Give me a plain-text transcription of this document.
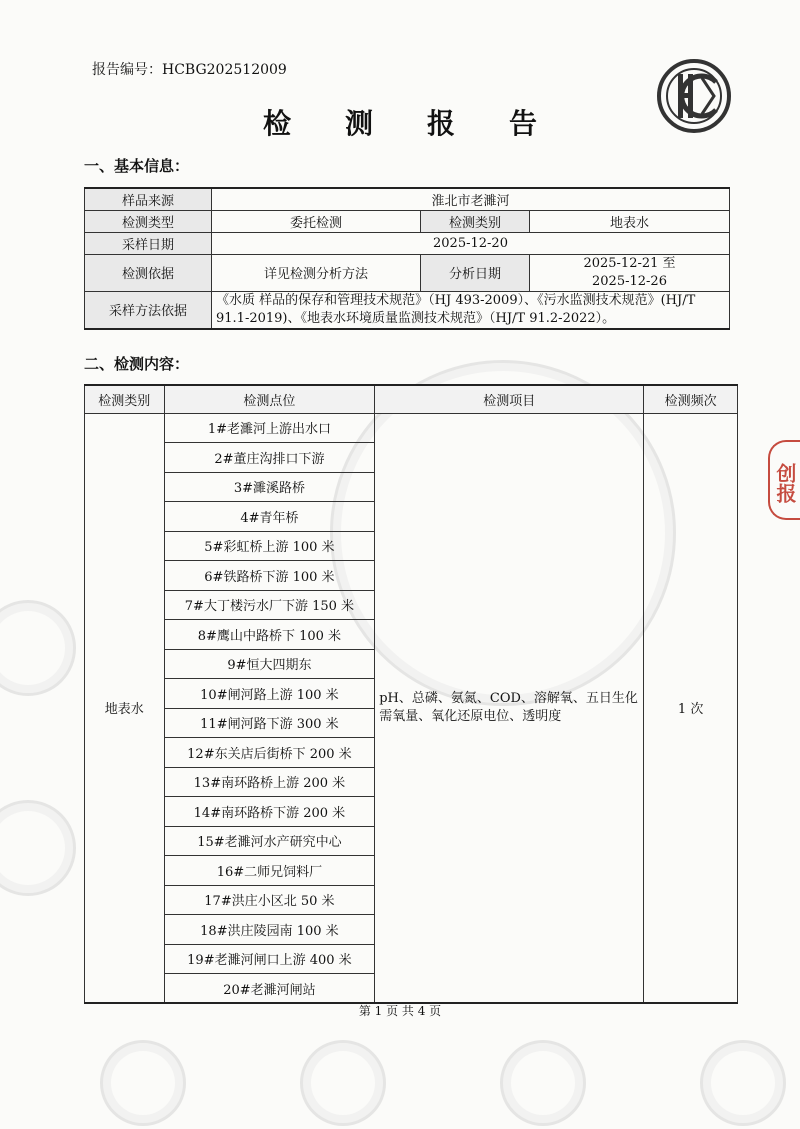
报告编号：HCBG202512009
检测报告
一、基本信息：
样品来源	淮北市老濉河		
检测类型	委托检测	检测类别	地表水
采样日期	2025-12-20		
检测依据	详见检测分析方法	分析日期	2025-12-21 至
2025-12-26

采样方法依据	《水质 样品的保存和管理技术规范》（HJ 493-2009）、《污水监测技术规范》(HJ/T 91.1-2019)、《地表水环境质量监测技术规范》（HJ/T 91.2-2022）。		
二、检测内容：
检测类别	检测点位	检测项目	检测频次
地表水	1#老濉河上游出水口	pH、总磷、氨氮、COD、溶解氧、五日生化需氧量、氧化还原电位、透明度	1 次
	2#董庄沟排口下游		
	3#濉溪路桥		
	4#青年桥		
	5#彩虹桥上游 100 米		
	6#铁路桥下游 100 米		
	7#大丁楼污水厂下游 150 米		
	8#鹰山中路桥下 100 米		
	9#恒大四期东		
	10#闸河路上游 100 米		
	11#闸河路下游 300 米		
	12#东关店后街桥下 200 米		
	13#南环路桥上游 200 米		
	14#南环路桥下游 200 米		
	15#老濉河水产研究中心		
	16#二师兄饲料厂		
	17#洪庄小区北 50 米		
	18#洪庄陵园南 100 米		
	19#老濉河闸口上游 400 米		
	20#老濉河闸站		
创报
第 1 页 共 4 页
